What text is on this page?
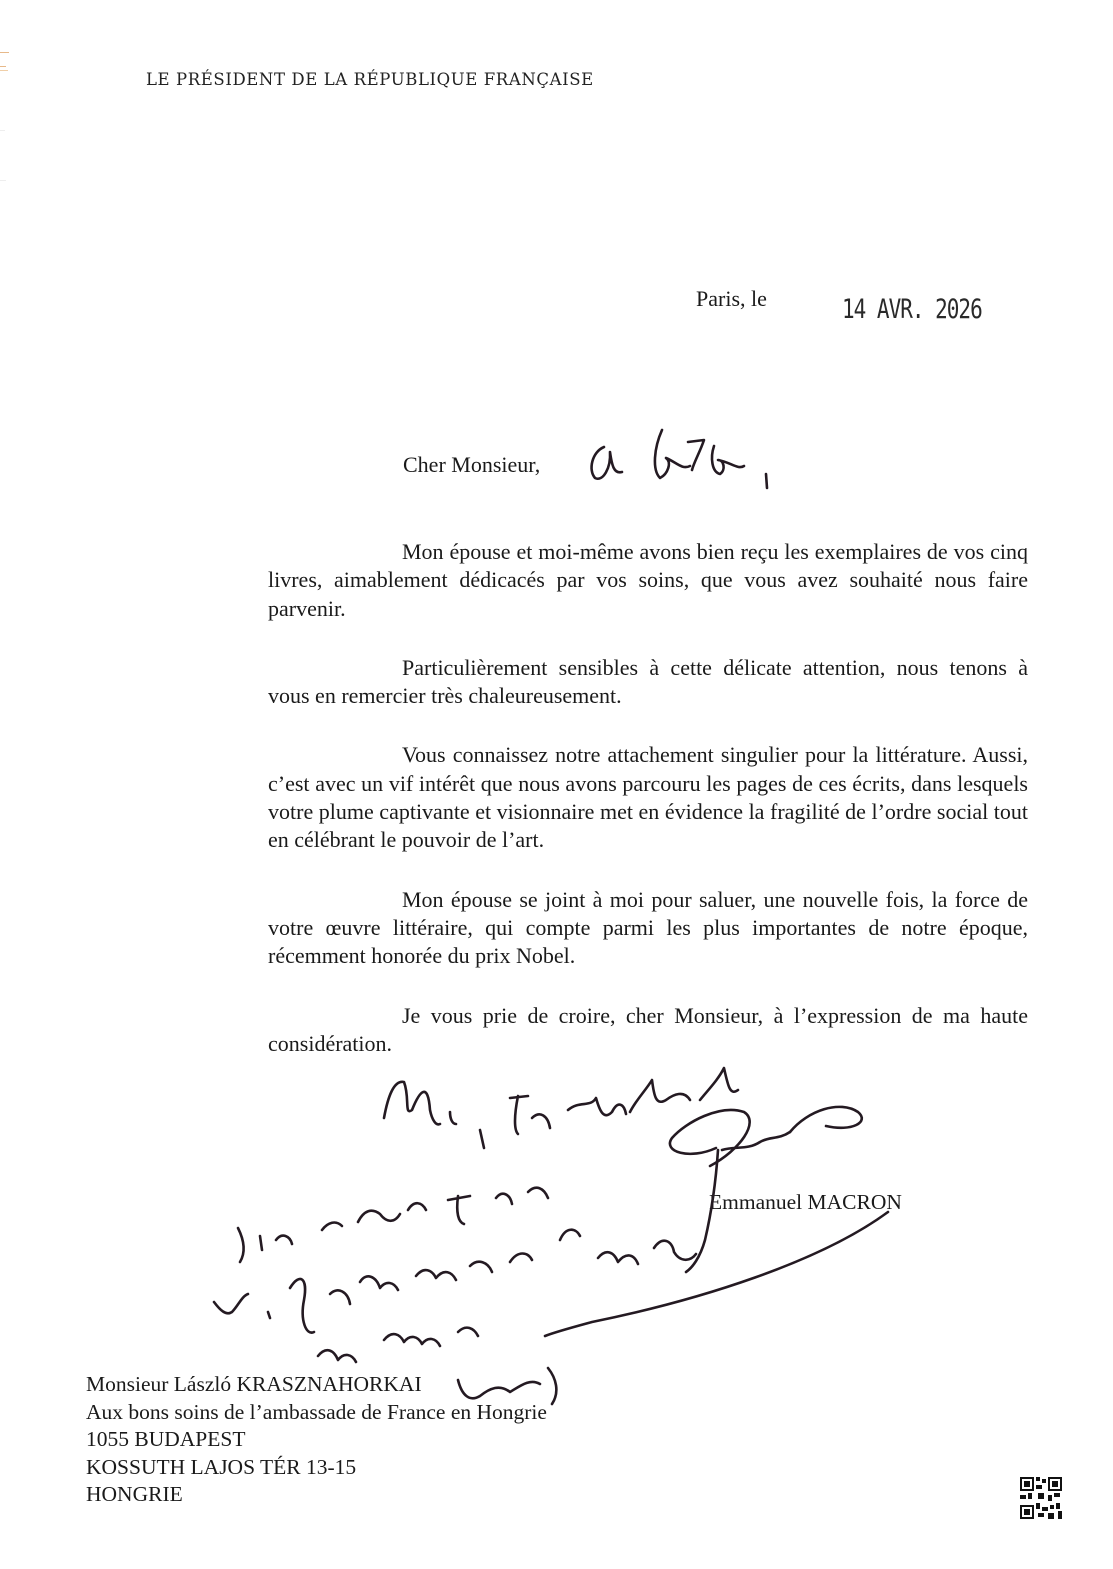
LE PRÉSIDENT DE LA RÉPUBLIQUE FRANÇAISE
Paris, le	14 AVR. 2026
Cher Monsieur,

Mon épouse et moi-même avons bien reçu les exemplaires de vos cinq livres, aimablement dédicacés par vos soins, que vous avez souhaité nous faire parvenir.

Particulièrement sensibles à cette délicate attention, nous tenons à vous en remercier très chaleureusement.

Vous connaissez notre attachement singulier pour la littérature. Aussi, c’est avec un vif intérêt que nous avons parcouru les pages de ces écrits, dans lesquels votre plume captivante et visionnaire met en évidence la fragilité de l’ordre social tout en célébrant le pouvoir de l’art.

Mon épouse se joint à moi pour saluer, une nouvelle fois, la force de votre œuvre littéraire, qui compte parmi les plus importantes de notre époque, récemment honorée du prix Nobel.

Je vous prie de croire, cher Monsieur, à l’expression de ma haute considération.

Emmanuel MACRON
Monsieur László KRASZNAHORKAI
Aux bons soins de l’ambassade de France en Hongrie
1055 BUDAPEST
KOSSUTH LAJOS TÉR 13-15
HONGRIE
